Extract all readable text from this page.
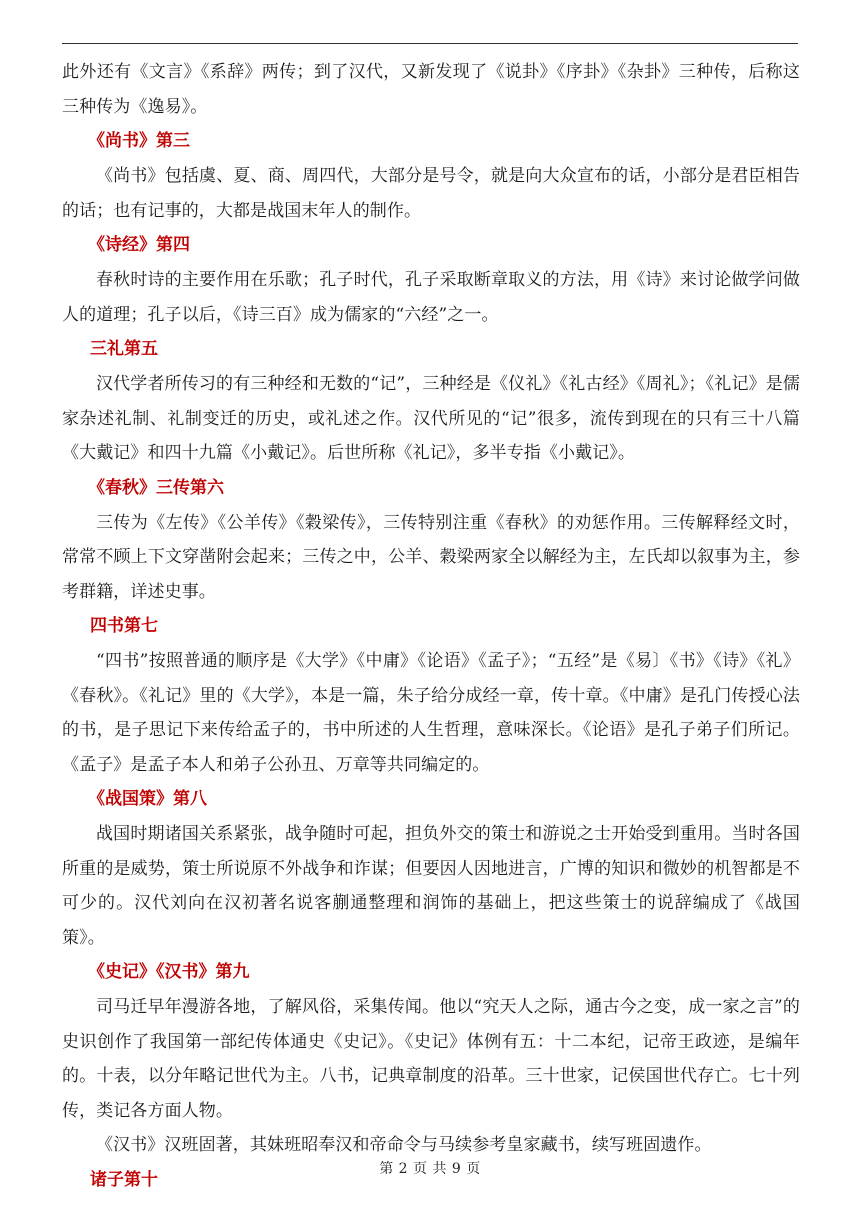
此外还有《文言》《系辞》两传；到了汉代，又新发现了《说卦》《序卦》《杂卦》三种传，后称这三种传为《逸易》。

《尚书》第三

《尚书》包括虞、夏、商、周四代，大部分是号令，就是向大众宣布的话，小部分是君臣相告的话；也有记事的，大都是战国末年人的制作。

《诗经》第四

春秋时诗的主要作用在乐歌；孔子时代，孔子采取断章取义的方法，用《诗》来讨论做学问做人的道理；孔子以后，《诗三百》成为儒家的“六经”之一。

三礼第五

汉代学者所传习的有三种经和无数的“记”，三种经是《仪礼》《礼古经》《周礼》；《礼记》是儒家杂述礼制、礼制变迁的历史，或礼述之作。汉代所见的“记”很多，流传到现在的只有三十八篇《大戴记》和四十九篇《小戴记》。后世所称《礼记》，多半专指《小戴记》。

《春秋》三传第六

三传为《左传》《公羊传》《穀梁传》，三传特别注重《春秋》的劝惩作用。三传解释经文时，常常不顾上下文穿凿附会起来；三传之中，公羊、穀梁两家全以解经为主，左氏却以叙事为主，参考群籍，详述史事。

四书第七

“四书”按照普通的顺序是《大学》《中庸》《论语》《孟子》；“五经”是《易〕《书》《诗》《礼》《春秋》。《礼记》里的《大学》，本是一篇，朱子给分成经一章，传十章。《中庸》是孔门传授心法的书，是子思记下来传给孟子的，书中所述的人生哲理，意味深长。《论语》是孔子弟子们所记。《孟子》是孟子本人和弟子公孙丑、万章等共同编定的。

《战国策》第八

战国时期诸国关系紧张，战争随时可起，担负外交的策士和游说之士开始受到重用。当时各国所重的是威势，策士所说原不外战争和诈谋；但要因人因地进言，广博的知识和微妙的机智都是不可少的。汉代刘向在汉初著名说客蒯通整理和润饰的基础上，把这些策士的说辞编成了《战国策》。

《史记》《汉书》第九

司马迁早年漫游各地，了解风俗，采集传闻。他以“究天人之际，通古今之变，成一家之言”的史识创作了我国第一部纪传体通史《史记》。《史记》体例有五：十二本纪，记帝王政迹，是编年的。十表，以分年略记世代为主。八书，记典章制度的沿革。三十世家，记侯国世代存亡。七十列传，类记各方面人物。

《汉书》汉班固著，其妹班昭奉汉和帝命令与马续参考皇家藏书，续写班固遗作。

诸子第十

第 2 页 共 9 页
